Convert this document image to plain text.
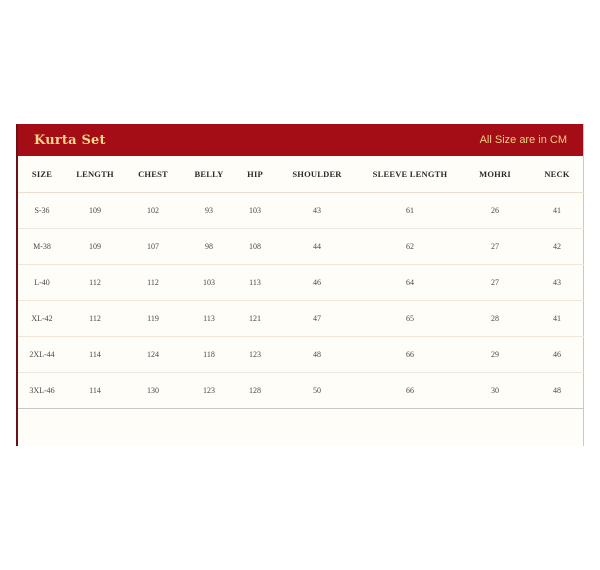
Kurta Set	All Size are in CM
SIZE	LENGTH	CHEST	BELLY	HIP	SHOULDER	SLEEVE LENGTH	MOHRI	NECK
S-36	109	102	93	103	43	61	26	41
M-38	109	107	98	108	44	62	27	42
L-40	112	112	103	113	46	64	27	43
XL-42	112	119	113	121	47	65	28	41
2XL-44	114	124	118	123	48	66	29	46
3XL-46	114	130	123	128	50	66	30	48
